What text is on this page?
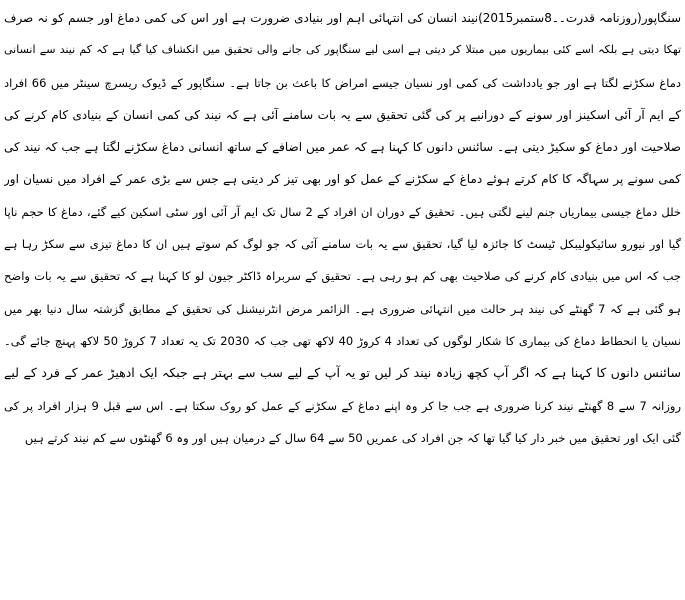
سنگاپور(روزنامہ قدرت۔۔8ستمبر2015)نیند انسان کی انتہائی اہم اور بنیادی ضرورت ہے اور اس کی کمی دماغ اور جسم کو نہ صرف
تھکا دیتی ہے بلکہ اسے کئی بیماریوں میں مبتلا کر دیتی ہے اسی لیے سنگاپور کی جانے والی تحقیق میں انکشاف کیا گیا ہے کہ کم نیند سے انسانی
دماغ سکڑنے لگتا ہے اور جو یادداشت کی کمی اور نسیان جیسے امراض کا باعث بن جاتا ہے۔ سنگاپور کے ڈیوک ریسرچ سینٹر میں 66 افراد
کے ایم آر آئی اسکینز اور سونے کے دورانیے پر کی گئی تحقیق سے یہ بات سامنے آئی ہے کہ نیند کی کمی انسان کے بنیادی کام کرنے کی
صلاحیت اور دماغ کو سکیڑ دیتی ہے۔ سائنس دانوں کا کہنا ہے کہ عمر میں اضافے کے ساتھ انسانی دماغ سکڑنے لگتا ہے جب کہ نیند کی
کمی سونے پر سہاگہ کا کام کرتے ہوئے دماغ کے سکڑنے کے عمل کو اور بھی تیز کر دیتی ہے جس سے بڑی عمر کے افراد میں نسیان اور
خلل دماغ جیسی بیماریاں جنم لینے لگتی ہیں۔ تحقیق کے دوران ان افراد کے 2 سال تک ایم آر آئی اور سٹی اسکین کیے گئے، دماغ کا حجم ناپا
گیا اور نیورو سائیکولیبکل ٹیسٹ کا جائزہ لیا گیا، تحقیق سے یہ بات سامنے آئی کہ جو لوگ کم سوتے ہیں ان کا دماغ تیزی سے سکڑ رہا ہے
جب کہ اس میں بنیادی کام کرنے کی صلاحیت بھی کم ہو رہی ہے۔ تحقیق کے سربراہ ڈاکٹر جیون لو کا کہنا ہے کہ تحقیق سے یہ بات واضح
ہو گئی ہے کہ 7 گھنٹے کی نیند ہر حالت میں انتہائی ضروری ہے۔ الزائمر مرض انٹرنیشنل کی تحقیق کے مطابق گزشتہ سال دنیا بھر میں
نسیان یا انحطاط دماغ کی بیماری کا شکار لوگوں کی تعداد 4 کروڑ 40 لاکھ تھی جب کہ 2030 تک یہ تعداد 7 کروڑ 50 لاکھ پہنچ جائے گی۔
سائنس دانوں کا کہنا ہے کہ اگر آپ کچھ زیادہ نیند کر لیں تو یہ آپ کے لیے سب سے بہتر ہے جبکہ ایک ادھیڑ عمر کے فرد کے لیے
روزانہ 7 سے 8 گھنٹے نیند کرنا ضروری ہے جب جا کر وہ اپنے دماغ کے سکڑنے کے عمل کو روک سکتا ہے۔ اس سے قبل 9 ہزار افراد پر کی
گئی ایک اور تحقیق میں خبر دار کیا گیا تھا کہ جن افراد کی عمریں 50 سے 64 سال کے درمیان ہیں اور وہ 6 گھنٹوں سے کم نیند کرتے ہیں
